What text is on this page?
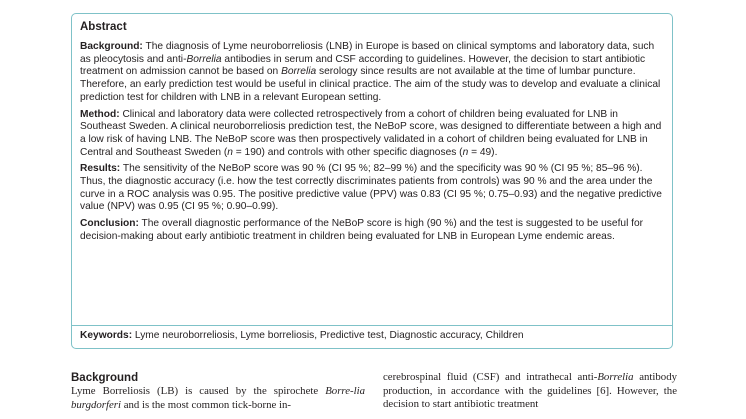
Abstract

Background: The diagnosis of Lyme neuroborreliosis (LNB) in Europe is based on clinical symptoms and laboratory data, such as pleocytosis and anti-Borrelia antibodies in serum and CSF according to guidelines. However, the decision to start antibiotic treatment on admission cannot be based on Borrelia serology since results are not available at the time of lumbar puncture. Therefore, an early prediction test would be useful in clinical practice. The aim of the study was to develop and evaluate a clinical prediction test for children with LNB in a relevant European setting.

Method: Clinical and laboratory data were collected retrospectively from a cohort of children being evaluated for LNB in Southeast Sweden. A clinical neuroborreliosis prediction test, the NeBoP score, was designed to differentiate between a high and a low risk of having LNB. The NeBoP score was then prospectively validated in a cohort of children being evaluated for LNB in Central and Southeast Sweden (n = 190) and controls with other specific diagnoses (n = 49).

Results: The sensitivity of the NeBoP score was 90 % (CI 95 %; 82–99 %) and the specificity was 90 % (CI 95 %; 85–96 %). Thus, the diagnostic accuracy (i.e. how the test correctly discriminates patients from controls) was 90 % and the area under the curve in a ROC analysis was 0.95. The positive predictive value (PPV) was 0.83 (CI 95 %; 0.75–0.93) and the negative predictive value (NPV) was 0.95 (CI 95 %; 0.90–0.99).

Conclusion: The overall diagnostic performance of the NeBoP score is high (90 %) and the test is suggested to be useful for decision-making about early antibiotic treatment in children being evaluated for LNB in European Lyme endemic areas.

Keywords: Lyme neuroborreliosis, Lyme borreliosis, Predictive test, Diagnostic accuracy, Children

Background

Lyme Borreliosis (LB) is caused by the spirochete Borre-lia burgdorferi and is the most common tick-borne in-

cerebrospinal fluid (CSF) and intrathecal anti-Borrelia antibody production, in accordance with the guidelines [6]. However, the decision to start antibiotic treatment
